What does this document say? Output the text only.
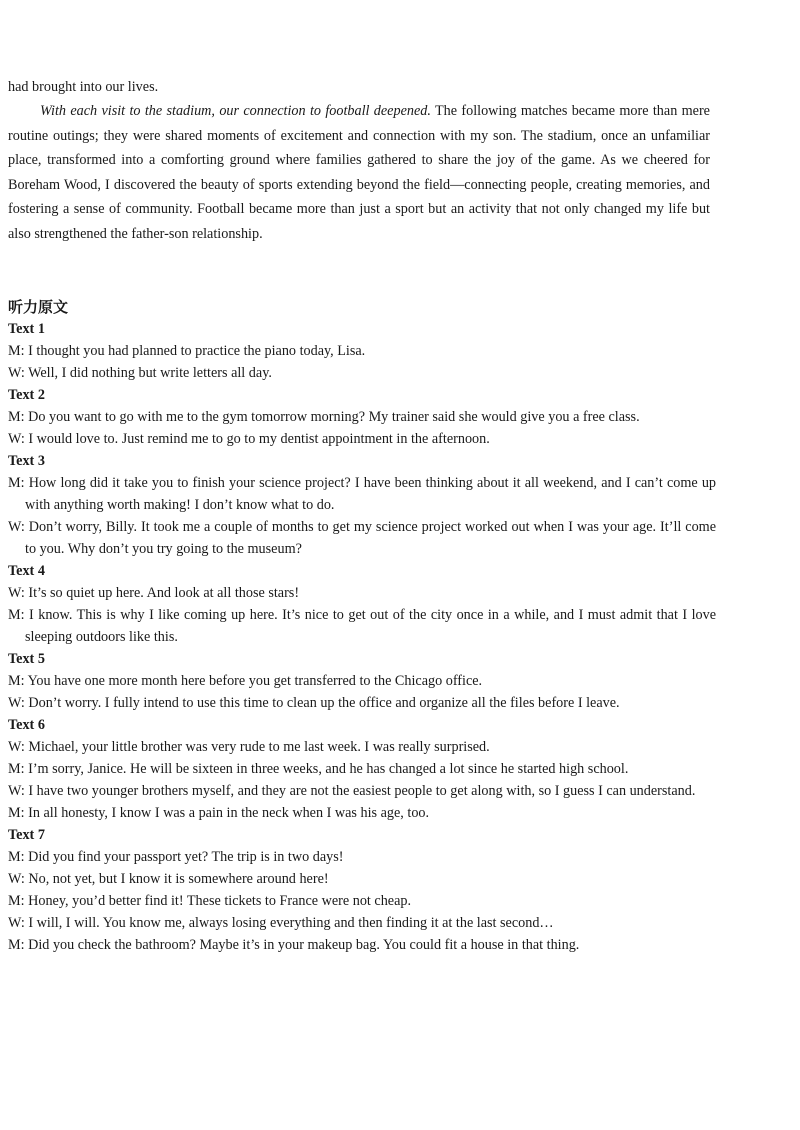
had brought into our lives.

With each visit to the stadium, our connection to football deepened. The following matches became more than mere routine outings; they were shared moments of excitement and connection with my son. The stadium, once an unfamiliar place, transformed into a comforting ground where families gathered to share the joy of the game. As we cheered for Boreham Wood, I discovered the beauty of sports extending beyond the field—connecting people, creating memories, and fostering a sense of community. Football became more than just a sport but an activity that not only changed my life but also strengthened the father-son relationship.

听力原文

Text 1

M: I thought you had planned to practice the piano today, Lisa.

W: Well, I did nothing but write letters all day.

Text 2

M: Do you want to go with me to the gym tomorrow morning? My trainer said she would give you a free class.

W: I would love to. Just remind me to go to my dentist appointment in the afternoon.

Text 3

M: How long did it take you to finish your science project? I have been thinking about it all weekend, and I can’t come up with anything worth making! I don’t know what to do.

W: Don’t worry, Billy. It took me a couple of months to get my science project worked out when I was your age. It’ll come to you. Why don’t you try going to the museum?

Text 4

W: It’s so quiet up here. And look at all those stars!

M: I know. This is why I like coming up here. It’s nice to get out of the city once in a while, and I must admit that I love sleeping outdoors like this.

Text 5

M: You have one more month here before you get transferred to the Chicago office.

W: Don’t worry. I fully intend to use this time to clean up the office and organize all the files before I leave.

Text 6

W: Michael, your little brother was very rude to me last week. I was really surprised.

M: I’m sorry, Janice. He will be sixteen in three weeks, and he has changed a lot since he started high school.

W: I have two younger brothers myself, and they are not the easiest people to get along with, so I guess I can understand.

M: In all honesty, I know I was a pain in the neck when I was his age, too.

Text 7

M: Did you find your passport yet? The trip is in two days!

W: No, not yet, but I know it is somewhere around here!

M: Honey, you’d better find it! These tickets to France were not cheap.

W: I will, I will. You know me, always losing everything and then finding it at the last second…

M: Did you check the bathroom? Maybe it’s in your makeup bag. You could fit a house in that thing.
